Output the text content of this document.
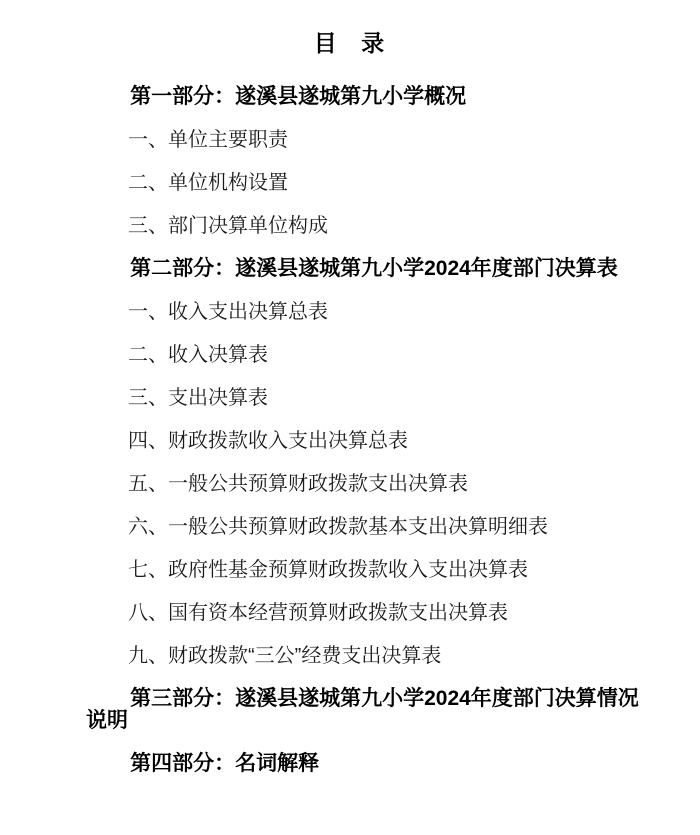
目 录

第一部分：遂溪县遂城第九小学概况

一、单位主要职责

二、单位机构设置

三、部门决算单位构成

第二部分：遂溪县遂城第九小学2024年度部门决算表

一、收入支出决算总表

二、收入决算表

三、支出决算表

四、财政拨款收入支出决算总表

五、一般公共预算财政拨款支出决算表

六、一般公共预算财政拨款基本支出决算明细表

七、政府性基金预算财政拨款收入支出决算表

八、国有资本经营预算财政拨款支出决算表

九、财政拨款“三公”经费支出决算表

第三部分：遂溪县遂城第九小学2024年度部门决算情况说明

第四部分：名词解释
